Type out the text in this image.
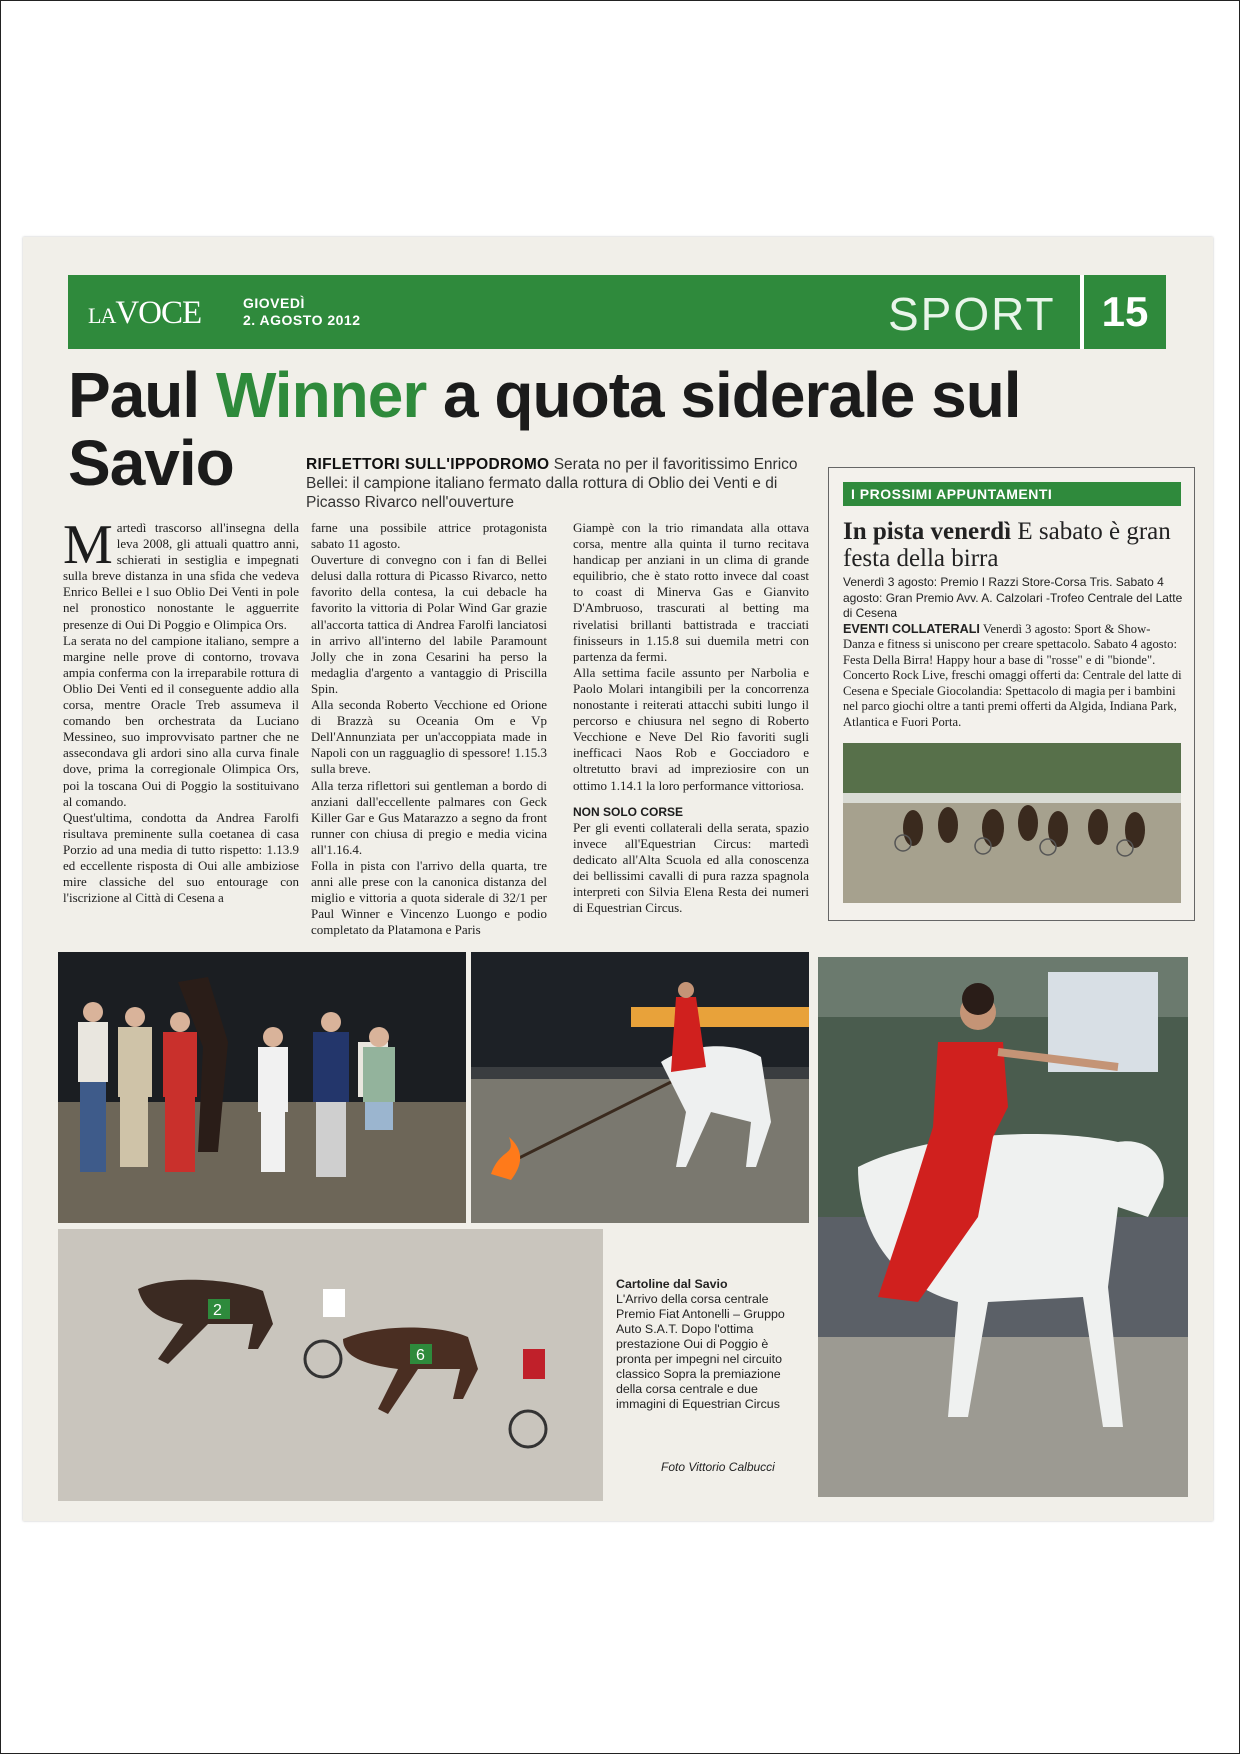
LAVOCE	GIOVEDÌ
2. AGOSTO 2012	SPORT	15
Paul Winner a quota siderale sul
Savio	RIFLETTORI SULL'IPPODROMO Serata no per il favoritissimo Enrico Bellei: il campione italiano fermato dalla rottura di Oblio dei Venti e di Picasso Rivarco nell'ouverture

Martedì trascorso all'insegna della leva 2008, gli attuali quattro anni, schierati in sestiglia e impegnati sulla breve distanza in una sfida che vedeva Enrico Bellei e l suo Oblio Dei Venti in pole nel pronostico nonostante le agguerrite presenze di Oui Di Poggio e Olimpica Ors.

La serata no del campione italiano, sempre a margine nelle prove di contorno, trovava ampia conferma con la irreparabile rottura di Oblio Dei Venti ed il conseguente addio alla corsa, mentre Oracle Treb assumeva il comando ben orchestrata da Luciano Messineo, suo improvvisato partner che ne assecondava gli ardori sino alla curva finale dove, prima la corregionale Olimpica Ors, poi la toscana Oui di Poggio la sostituivano al comando.

Quest'ultima, condotta da Andrea Farolfi risultava preminente sulla coetanea di casa Porzio ad una media di tutto rispetto: 1.13.9 ed eccellente risposta di Oui alle ambiziose mire classiche del suo entourage con l'iscrizione al Città di Cesena a

farne una possibile attrice protagonista sabato 11 agosto.

Ouverture di convegno con i fan di Bellei delusi dalla rottura di Picasso Rivarco, netto favorito della contesa, la cui debacle ha favorito la vittoria di Polar Wind Gar grazie all'accorta tattica di Andrea Farolfi lanciatosi in arrivo all'interno del labile Paramount Jolly che in zona Cesarini ha perso la medaglia d'argento a vantaggio di Priscilla Spin.

Alla seconda Roberto Vecchione ed Orione di Brazzà su Oceania Om e Vp Dell'Annunziata per un'accoppiata made in Napoli con un ragguaglio di spessore! 1.15.3 sulla breve.

Alla terza riflettori sui gentleman a bordo di anziani dall'eccellente palmares con Geck Killer Gar e Gus Matarazzo a segno da front runner con chiusa di pregio e media vicina all'1.16.4.

Folla in pista con l'arrivo della quarta, tre anni alle prese con la canonica distanza del miglio e vittoria a quota siderale di 32/1 per Paul Winner e Vincenzo Luongo e podio completato da Platamona e Paris

Giampè con la trio rimandata alla ottava corsa, mentre alla quinta il turno recitava handicap per anziani in un clima di grande equilibrio, che è stato rotto invece dal coast to coast di Minerva Gas e Gianvito D'Ambruoso, trascurati al betting ma rivelatisi brillanti battistrada e tracciati finisseurs in 1.15.8 sui duemila metri con partenza da fermi.

Alla settima facile assunto per Narbolia e Paolo Molari intangibili per la concorrenza nonostante i reiterati attacchi subiti lungo il percorso e chiusura nel segno di Roberto Vecchione e Neve Del Rio favoriti sugli inefficaci Naos Rob e Gocciadoro e oltretutto bravi ad impreziosire con un ottimo 1.14.1 la loro performance vittoriosa.

NON SOLO CORSE

Per gli eventi collaterali della serata, spazio invece all'Equestrian Circus: martedì dedicato all'Alta Scuola ed alla conoscenza dei bellissimi cavalli di pura razza spagnola interpreti con Silvia Elena Resta dei numeri di Equestrian Circus.

I PROSSIMI APPUNTAMENTI
In pista venerdì E sabato è gran festa della birra

Venerdì 3 agosto: Premio I Razzi Store-Corsa Tris. Sabato 4 agosto: Gran Premio Avv. A. Calzolari -Trofeo Centrale del Latte di Cesena

EVENTI COLLATERALI Venerdì 3 agosto: Sport & Show- Danza e fitness si uniscono per creare spettacolo. Sabato 4 agosto: Festa Della Birra! Happy hour a base di "rosse" e di "bionde". Concerto Rock Live, freschi omaggi offerti da: Centrale del latte di Cesena e Speciale Giocolandia: Spettacolo di magia per i bambini nel parco giochi oltre a tanti premi offerti da Algida, Indiana Park, Atlantica e Fuori Porta.

2
6
Cartoline dal Savio
L'Arrivo della corsa centrale Premio Fiat Antonelli – Gruppo Auto S.A.T. Dopo l'ottima prestazione Oui di Poggio è pronta per impegni nel circuito classico Sopra la premiazione della corsa centrale e due immagini di Equestrian Circus
Foto Vittorio Calbucci
